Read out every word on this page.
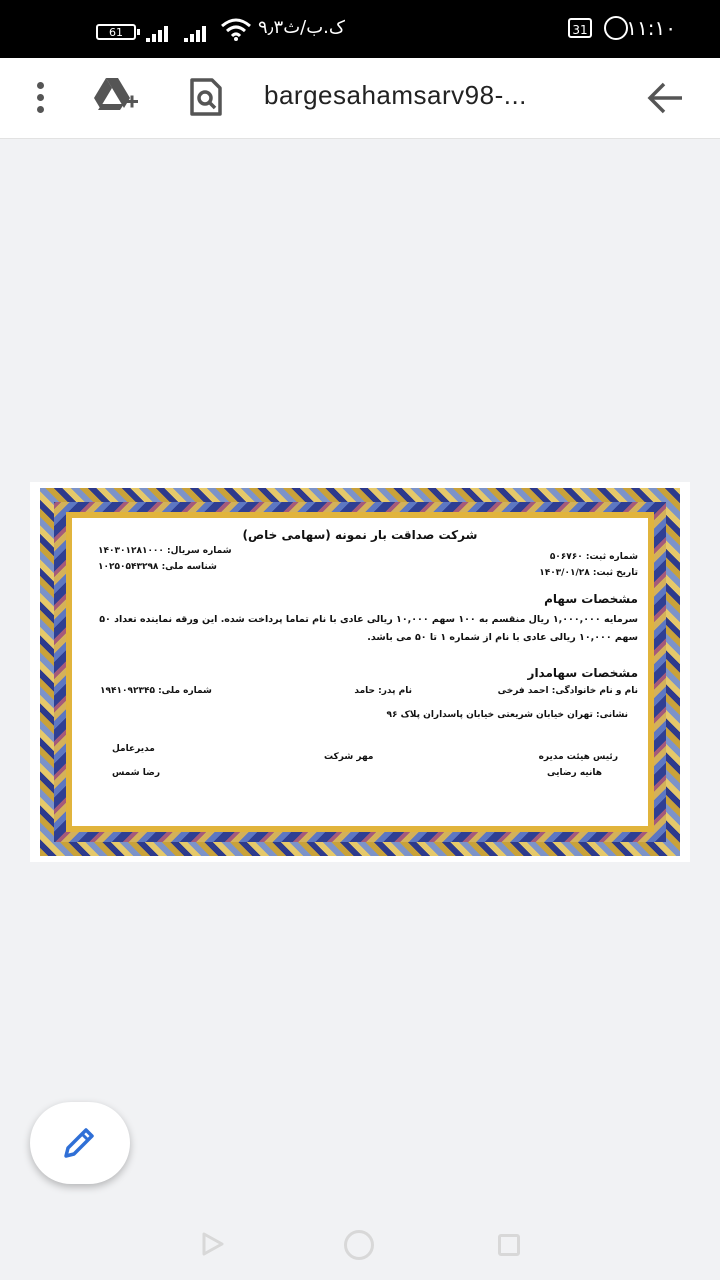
61	۹٫۳ک.ب/ث	31 ۱۱:۱۰
bargesahamsarv98-...
شرکت صداقت بار نمونه (سهامی خاص)
شماره سریال: ۱۴۰۳۰۱۲۸۱۰۰۰
شناسه ملی: ۱۰۲۵۰۵۴۳۲۹۸
شماره ثبت: ۵۰۶۷۶۰
تاریخ ثبت: ۱۴۰۳/۰۱/۲۸
مشخصات سهام
سرمایه ۱,۰۰۰,۰۰۰ ریال منقسم به ۱۰۰ سهم ۱۰,۰۰۰ ریالی عادی با نام تماما پرداخت شده. این ورقه نماینده تعداد ۵۰
سهم ۱۰,۰۰۰ ریالی عادی با نام از شماره ۱ تا ۵۰ می باشد.
مشخصات سهامدار
نام و نام خانوادگی: احمد فرخی
نام پدر: حامد
شماره ملی: ۱۹۴۱۰۹۲۳۴۵
نشانی: تهران خیابان شریعتی خیابان پاسداران پلاک ۹۶
رئیس هیئت مدیره
هانیه رضایی
مهر شرکت
مدیرعامل
رضا شمس
